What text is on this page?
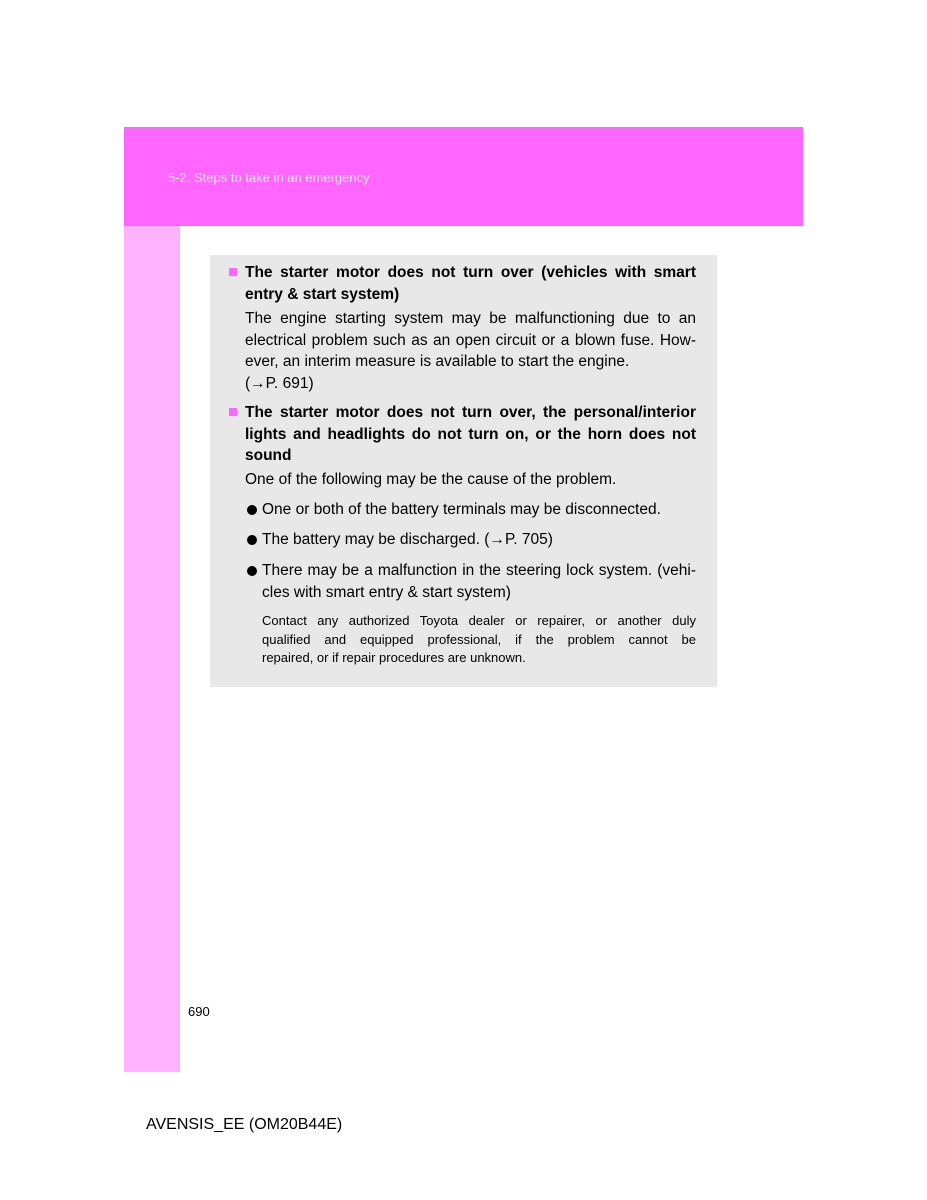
5-2. Steps to take in an emergency
The starter motor does not turn over (vehicles with smart
entry & start system)
The engine starting system may be malfunctioning due to an
electrical problem such as an open circuit or a blown fuse. How-
ever, an interim measure is available to start the engine.
(→P. 691)
The starter motor does not turn over, the personal/interior
lights and headlights do not turn on, or the horn does not
sound
One of the following may be the cause of the problem.
One or both of the battery terminals may be disconnected.
The battery may be discharged. (→P. 705)
There may be a malfunction in the steering lock system. (vehi-
cles with smart entry & start system)
Contact any authorized Toyota dealer or repairer, or another duly
qualified and equipped professional, if the problem cannot be
repaired, or if repair procedures are unknown.
690
AVENSIS_EE (OM20B44E)
